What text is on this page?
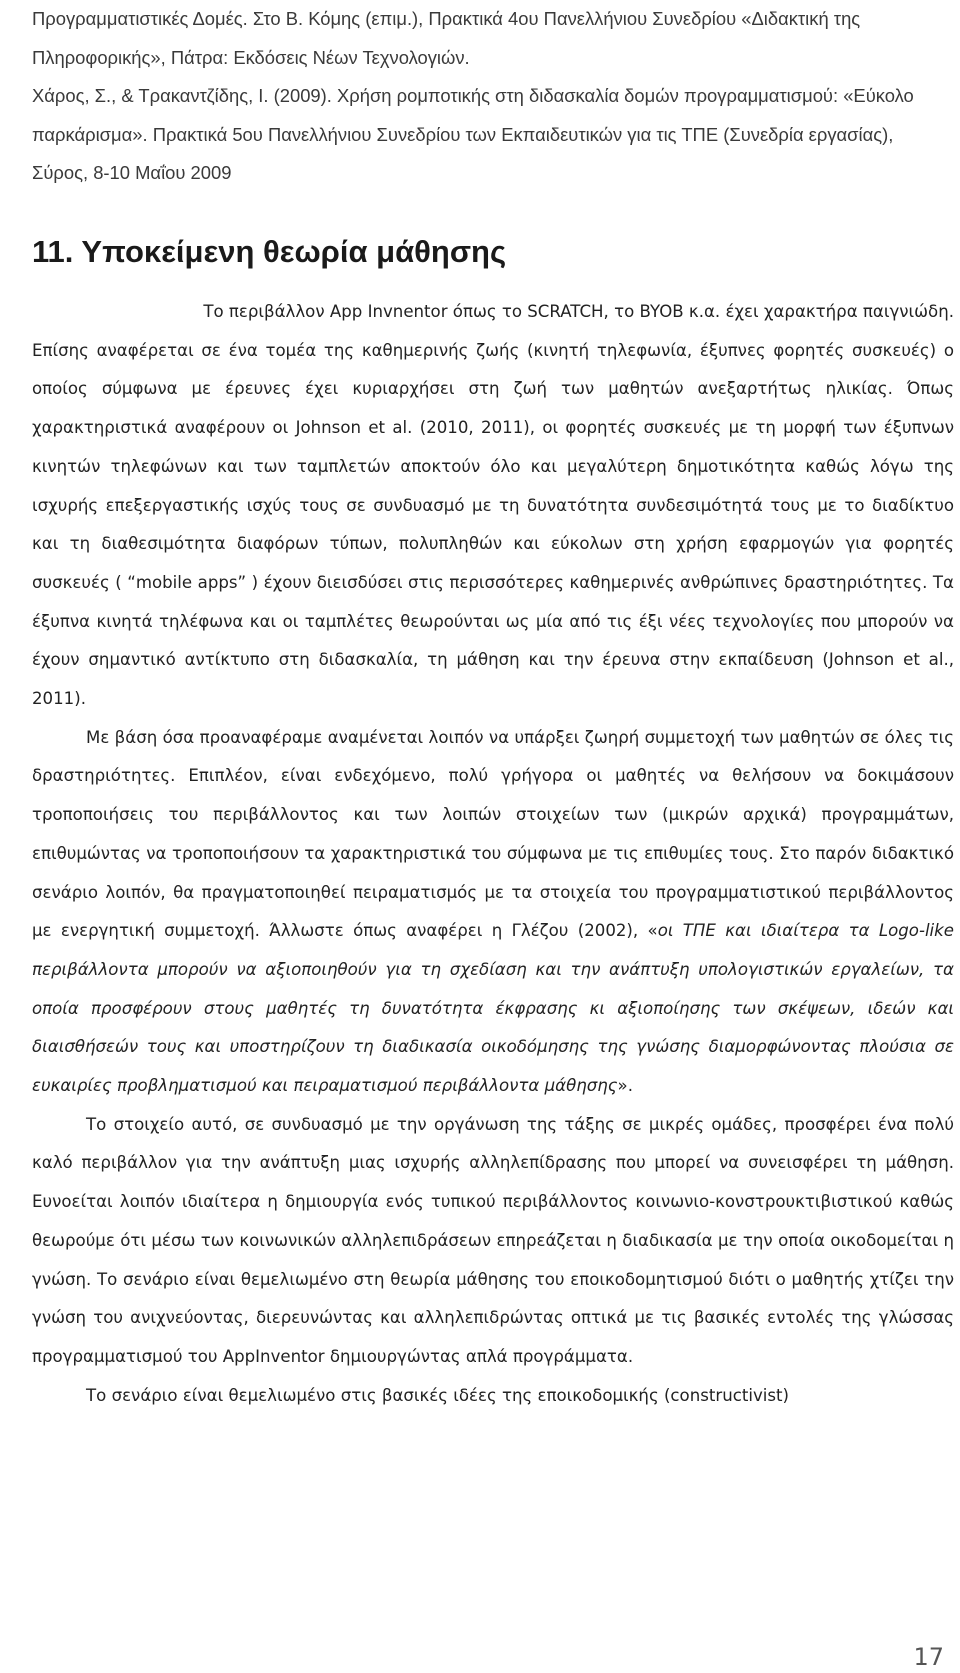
Προγραμματιστικές Δομές. Στο Β. Κόμης (επιμ.), Πρακτικά 4ου Πανελλήνιου Συνεδρίου «Διδακτική της Πληροφορικής», Πάτρα: Εκδόσεις Νέων Τεχνολογιών.

Χάρος, Σ., & Τρακαντζίδης, Ι. (2009). Χρήση ρομποτικής στη διδασκαλία δομών προγραμματισμού: «Εύκολο παρκάρισμα». Πρακτικά 5ου Πανελλήνιου Συνεδρίου των Εκπαιδευτικών για τις ΤΠΕ (Συνεδρία εργασίας), Σύρος, 8-10 Μαΐου 2009

11. Υποκείμενη θεωρία μάθησης

Το περιβάλλον App Invnentor όπως το SCRATCH, το BYOB κ.α. έχει χαρακτήρα παιγνιώδη.

Επίσης αναφέρεται σε ένα τομέα της καθημερινής ζωής (κινητή τηλεφωνία, έξυπνες φορητές συσκευές) ο οποίος σύμφωνα με έρευνες έχει κυριαρχήσει στη ζωή των μαθητών ανεξαρτήτως ηλικίας. Όπως χαρακτηριστικά αναφέρουν οι Johnson et al. (2010, 2011), οι φορητές συσκευές με τη μορφή των έξυπνων κινητών τηλεφώνων και των ταμπλετών αποκτούν όλο και μεγαλύτερη δημοτικότητα καθώς λόγω της ισχυρής επεξεργαστικής ισχύς τους σε συνδυασμό με τη δυνατότητα συνδεσιμότητά τους με το διαδίκτυο και τη διαθεσιμότητα διαφόρων τύπων, πολυπληθών και εύκολων στη χρήση εφαρμογών για φορητές συσκευές ( “mobile apps” ) έχουν διεισδύσει στις περισσότερες καθημερινές ανθρώπινες δραστηριότητες. Τα έξυπνα κινητά τηλέφωνα και οι ταμπλέτες θεωρούνται ως μία από τις έξι νέες τεχνολογίες που μπορούν να έχουν σημαντικό αντίκτυπο στη διδασκαλία, τη μάθηση και την έρευνα στην εκπαίδευση (Johnson et al., 2011).

Με βάση όσα προαναφέραμε αναμένεται λοιπόν να υπάρξει ζωηρή συμμετοχή των μαθητών σε όλες τις δραστηριότητες. Επιπλέον, είναι ενδεχόμενο, πολύ γρήγορα οι μαθητές να θελήσουν να δοκιμάσουν τροποποιήσεις του περιβάλλοντος και των λοιπών στοιχείων των (μικρών αρχικά) προγραμμάτων, επιθυμώντας να τροποποιήσουν τα χαρακτηριστικά του σύμφωνα με τις επιθυμίες τους. Στο παρόν διδακτικό σενάριο λοιπόν, θα πραγματοποιηθεί πειραματισμός με τα στοιχεία του προγραμματιστικού περιβάλλοντος με ενεργητική συμμετοχή. Άλλωστε όπως αναφέρει η Γλέζου (2002), «οι ΤΠΕ και ιδιαίτερα τα Logo-like περιβάλλοντα μπορούν να αξιοποιηθούν για τη σχεδίαση και την ανάπτυξη υπολογιστικών εργαλείων, τα οποία προσφέρουν στους μαθητές τη δυνατότητα έκφρασης κι αξιοποίησης των σκέψεων, ιδεών και διαισθήσεών τους και υποστηρίζουν τη διαδικασία οικοδόμησης της γνώσης διαμορφώνοντας πλούσια σε ευκαιρίες προβληματισμού και πειραματισμού περιβάλλοντα μάθησης».

Το στοιχείο αυτό, σε συνδυασμό με την οργάνωση της τάξης σε μικρές ομάδες, προσφέρει ένα πολύ καλό περιβάλλον για την ανάπτυξη μιας ισχυρής αλληλεπίδρασης που μπορεί να συνεισφέρει τη μάθηση. Ευνοείται λοιπόν ιδιαίτερα η δημιουργία ενός τυπικού περιβάλλοντος κοινωνιο-κονστρουκτιβιστικού καθώς θεωρούμε ότι μέσω των κοινωνικών αλληλεπιδράσεων επηρεάζεται η διαδικασία με την οποία οικοδομείται η γνώση. Το σενάριο είναι θεμελιωμένο στη θεωρία μάθησης του εποικοδομητισμού διότι ο μαθητής χτίζει την γνώση του ανιχνεύοντας, διερευνώντας και αλληλεπιδρώντας οπτικά με τις βασικές εντολές της γλώσσας προγραμματισμού του AppInventor δημιουργώντας απλά προγράμματα.

Το σενάριο είναι θεμελιωμένο στις βασικές ιδέες της εποικοδομικής (constructivist)

17
